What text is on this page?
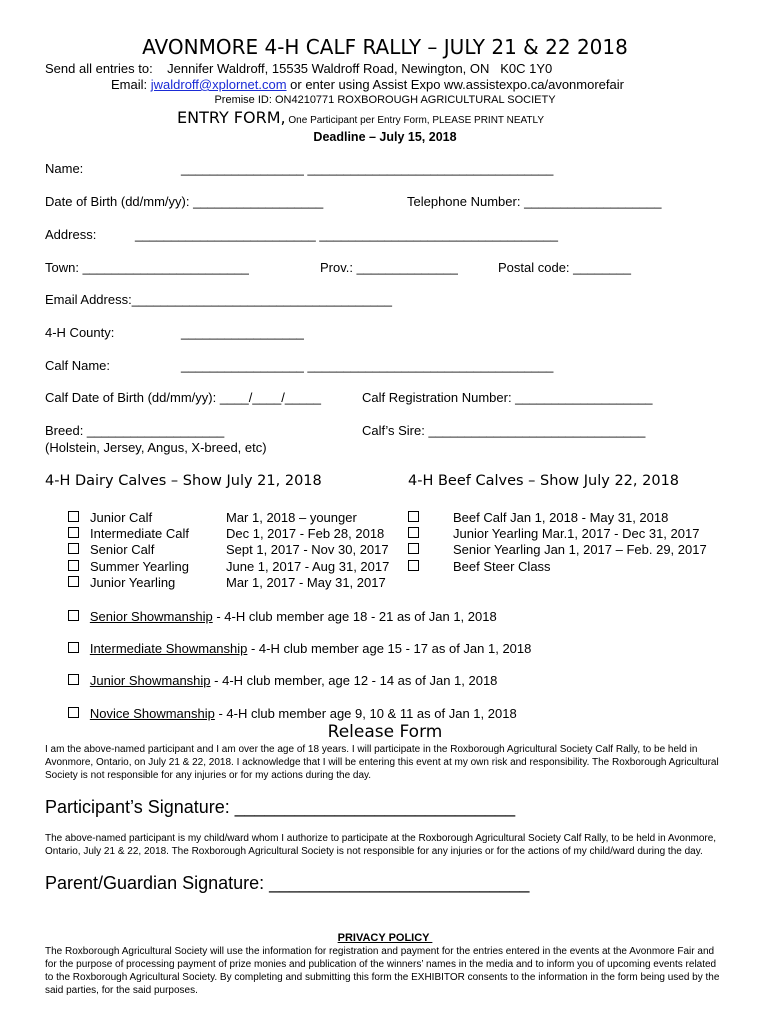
AVONMORE 4-H CALF RALLY – JULY 21 & 22 2018
Send all entries to:    Jennifer Waldroff, 15535 Waldroff Road, Newington, ON   K0C 1Y0
Email: jwaldroff@xplornet.com or enter using Assist Expo ww.assistexpo.ca/avonmorefair
Premise ID: ON4210771 ROXBOROUGH AGRICULTURAL SOCIETY
ENTRY FORM, One Participant per Entry Form, PLEASE PRINT NEATLY
Deadline – July 15, 2018
Name:	_________________ __________________________________
Date of Birth (dd/mm/yy): __________________	Telephone Number: ___________________
Address:	_________________________ _________________________________
Town: _______________________	Prov.: ______________	Postal code: ________
Email Address:____________________________________
4-H County:	_________________
Calf Name:	_________________ __________________________________
Calf Date of Birth (dd/mm/yy): ____/____/_____	Calf Registration Number: ___________________
Breed: ___________________
(Holstein, Jersey, Angus, X-breed, etc)
Calf’s Sire: ______________________________
4-H Dairy Calves – Show July 21, 2018	4-H Beef Calves – Show July 22, 2018
Junior Calf	Mar 1, 2018 – younger
Intermediate Calf	Dec 1, 2017 - Feb 28, 2018
Senior Calf	Sept 1, 2017 - Nov 30, 2017
Summer Yearling	June 1, 2017 - Aug 31, 2017
Junior Yearling	Mar 1, 2017 - May 31, 2017
Beef Calf Jan 1, 2018 - May 31, 2018
Junior Yearling Mar.1, 2017 - Dec 31, 2017
Senior Yearling Jan 1, 2017 – Feb. 29, 2017
Beef Steer Class
Senior Showmanship - 4-H club member age 18 - 21 as of Jan 1, 2018
Intermediate Showmanship - 4-H club member age 15 - 17 as of Jan 1, 2018
Junior Showmanship - 4-H club member, age 12 - 14 as of Jan 1, 2018
Novice Showmanship - 4-H club member age 9, 10 & 11 as of Jan 1, 2018
Release Form
I am the above-named participant and I am over the age of 18 years. I will participate in the Roxborough Agricultural Society Calf Rally, to be held in Avonmore, Ontario, on July 21 & 22, 2018. I acknowledge that I will be entering this event at my own risk and responsibility. The Roxborough Agricultural Society is not responsible for any injuries or for my actions during the day.
Participant’s Signature: ____________________________
The above-named participant is my child/ward whom I authorize to participate at the Roxborough Agricultural Society Calf Rally, to be held in Avonmore, Ontario, July 21 & 22, 2018. The Roxborough Agricultural Society is not responsible for any injuries or for the actions of my child/ward during the day.
Parent/Guardian Signature: __________________________
PRIVACY POLICY
The Roxborough Agricultural Society will use the information for registration and payment for the entries entered in the events at the Avonmore Fair and for the purpose of processing payment of prize monies and publication of the winners’ names in the media and to inform you of upcoming events related to the Roxborough Agricultural Society. By completing and submitting this form the EXHIBITOR consents to the information in the form being used by the said parties, for the said purposes.
